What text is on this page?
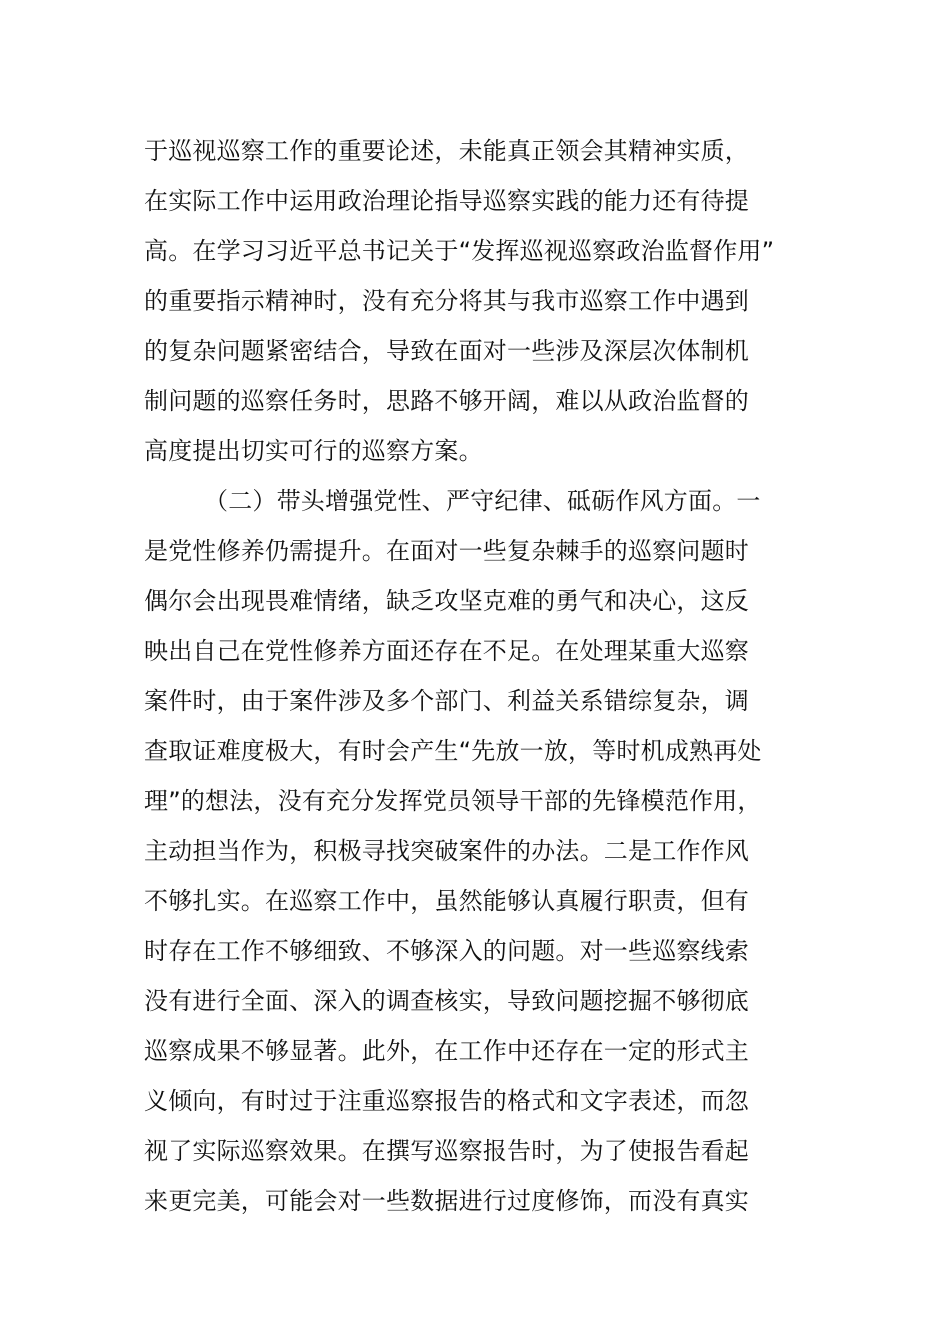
于巡视巡察工作的重要论述，未能真正领会其精神实质，
在实际工作中运用政治理论指导巡察实践的能力还有待提
高。在学习习近平总书记关于“发挥巡视巡察政治监督作用”
的重要指示精神时，没有充分将其与我市巡察工作中遇到
的复杂问题紧密结合，导致在面对一些涉及深层次体制机
制问题的巡察任务时，思路不够开阔，难以从政治监督的
高度提出切实可行的巡察方案。
（二）带头增强党性、严守纪律、砥砺作风方面。一
是党性修养仍需提升。在面对一些复杂棘手的巡察问题时
偶尔会出现畏难情绪，缺乏攻坚克难的勇气和决心，这反
映出自己在党性修养方面还存在不足。在处理某重大巡察
案件时，由于案件涉及多个部门、利益关系错综复杂，调
查取证难度极大，有时会产生“先放一放，等时机成熟再处
理”的想法，没有充分发挥党员领导干部的先锋模范作用，
主动担当作为，积极寻找突破案件的办法。二是工作作风
不够扎实。在巡察工作中，虽然能够认真履行职责，但有
时存在工作不够细致、不够深入的问题。对一些巡察线索
没有进行全面、深入的调查核实，导致问题挖掘不够彻底
巡察成果不够显著。此外，在工作中还存在一定的形式主
义倾向，有时过于注重巡察报告的格式和文字表述，而忽
视了实际巡察效果。在撰写巡察报告时，为了使报告看起
来更完美，可能会对一些数据进行过度修饰，而没有真实
